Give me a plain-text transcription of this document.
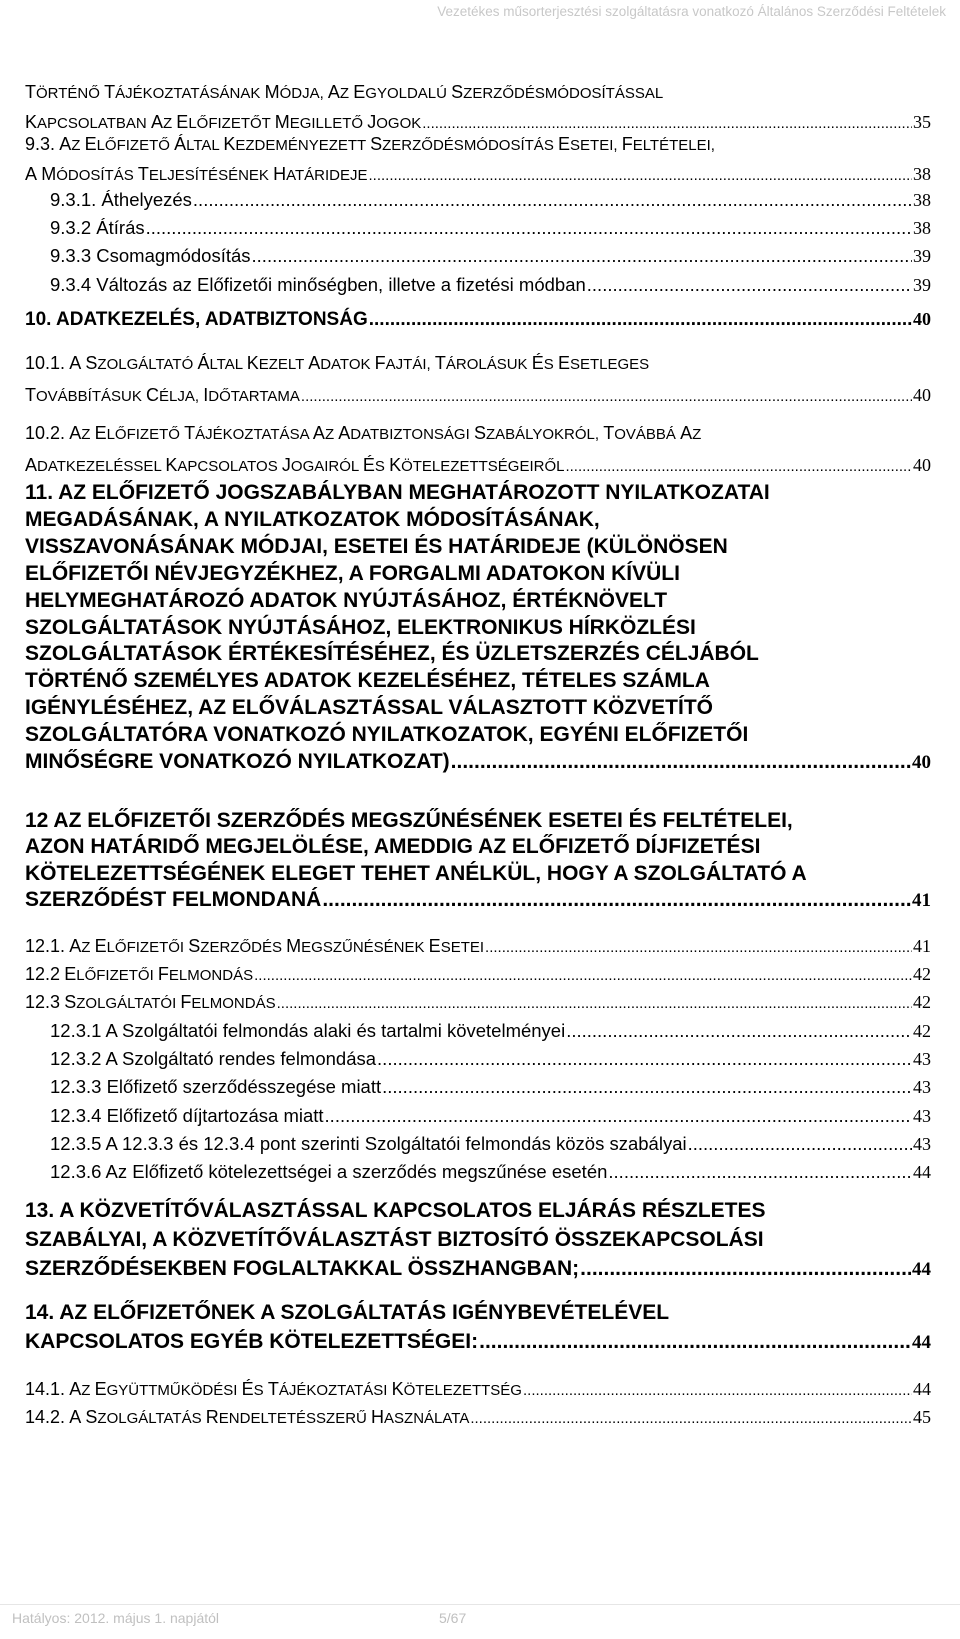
Vezetékes műsorterjesztési szolgáltatásra vonatkozó Általános Szerződési Feltételek
TÖRTÉNŐ TÁJÉKOZTATÁSÁNAK MÓDJA, AZ EGYOLDALÚ SZERZŐDÉSMÓDOSÍTÁSSAL
KAPCSOLATBAN AZ ELŐFIZETŐT MEGILLETŐ JOGOK .....	35
9.3. AZ ELŐFIZETŐ ÁLTAL KEZDEMÉNYEZETT SZERZŐDÉSMÓDOSÍTÁS ESETEI, FELTÉTELEI,
A MÓDOSÍTÁS TELJESÍTÉSÉNEK HATÁRIDEJE .....	38
9.3.1. Áthelyezés .....	38
9.3.2 Átírás .....	38
9.3.3 Csomagmódosítás .....	39
9.3.4 Változás az Előfizetői minőségben, illetve a fizetési módban .....	39
10. ADATKEZELÉS, ADATBIZTONSÁG .....	40
10.1. A SZOLGÁLTATÓ ÁLTAL KEZELT ADATOK FAJTÁI, TÁROLÁSUK ÉS ESETLEGES
TOVÁBBÍTÁSUK CÉLJA, IDŐTARTAMA .....	40
10.2. AZ ELŐFIZETŐ TÁJÉKOZTATÁSA AZ ADATBIZTONSÁGI SZABÁLYOKRÓL, TOVÁBBÁ AZ
ADATKEZELÉSSEL KAPCSOLATOS JOGAIRÓL ÉS KÖTELEZETTSÉGEIRŐL .....	40
11. AZ ELŐFIZETŐ JOGSZABÁLYBAN MEGHATÁROZOTT NYILATKOZATAI
MEGADÁSÁNAK, A NYILATKOZATOK MÓDOSÍTÁSÁNAK,
VISSZAVONÁSÁNAK MÓDJAI, ESETEI ÉS HATÁRIDEJE (KÜLÖNÖSEN
ELŐFIZETŐI NÉVJEGYZÉKHEZ, A FORGALMI ADATOKON KÍVÜLI
HELYMEGHATÁROZÓ ADATOK NYÚJTÁSÁHOZ, ÉRTÉKNÖVELT
SZOLGÁLTATÁSOK NYÚJTÁSÁHOZ, ELEKTRONIKUS HÍRKÖZLÉSI
SZOLGÁLTATÁSOK ÉRTÉKESÍTÉSÉHEZ, ÉS ÜZLETSZERZÉS CÉLJÁBÓL
TÖRTÉNŐ SZEMÉLYES ADATOK KEZELÉSÉHEZ, TÉTELES SZÁMLA
IGÉNYLÉSÉHEZ, AZ ELŐVÁLASZTÁSSAL VÁLASZTOTT KÖZVETÍTŐ
SZOLGÁLTATÓRA VONATKOZÓ NYILATKOZATOK, EGYÉNI ELŐFIZETŐI
MINŐSÉGRE VONATKOZÓ NYILATKOZAT) .....	40
12 AZ ELŐFIZETŐI SZERZŐDÉS MEGSZŰNÉSÉNEK ESETEI ÉS FELTÉTELEI,
AZON HATÁRIDŐ MEGJELÖLÉSE, AMEDDIG AZ ELŐFIZETŐ DÍJFIZETÉSI
KÖTELEZETTSÉGÉNEK ELEGET TEHET ANÉLKÜL, HOGY A SZOLGÁLTATÓ A
SZERZŐDÉST FELMONDANÁ .....	41
12.1. AZ ELŐFIZETŐI SZERZŐDÉS MEGSZŰNÉSÉNEK ESETEI .....	41
12.2 ELŐFIZETŐI FELMONDÁS .....	42
12.3 SZOLGÁLTATÓI FELMONDÁS .....	42
12.3.1 A Szolgáltatói felmondás alaki és tartalmi követelményei .....	42
12.3.2 A Szolgáltató rendes felmondása .....	43
12.3.3 Előfizető szerződésszegése miatt .....	43
12.3.4 Előfizető díjtartozása miatt .....	43
12.3.5 A 12.3.3 és 12.3.4 pont szerinti Szolgáltatói felmondás közös szabályai .....	43
12.3.6 Az Előfizető kötelezettségei a szerződés megszűnése esetén .....	44
13. A KÖZVETÍTŐVÁLASZTÁSSAL KAPCSOLATOS ELJÁRÁS RÉSZLETES
SZABÁLYAI, A KÖZVETÍTŐVÁLASZTÁST BIZTOSÍTÓ ÖSSZEKAPCSOLÁSI
SZERZŐDÉSEKBEN FOGLALTAKKAL ÖSSZHANGBAN; .....	44
14. AZ ELŐFIZETŐNEK A SZOLGÁLTATÁS IGÉNYBEVÉTELÉVEL
KAPCSOLATOS EGYÉB KÖTELEZETTSÉGEI: .....	44
14.1. AZ EGYÜTTMŰKÖDÉSI ÉS TÁJÉKOZTATÁSI KÖTELEZETTSÉG .....	44
14.2. A SZOLGÁLTATÁS RENDELTETÉSSZERŰ HASZNÁLATA .....	45
Hatályos: 2012. május 1. napjától	5/67
